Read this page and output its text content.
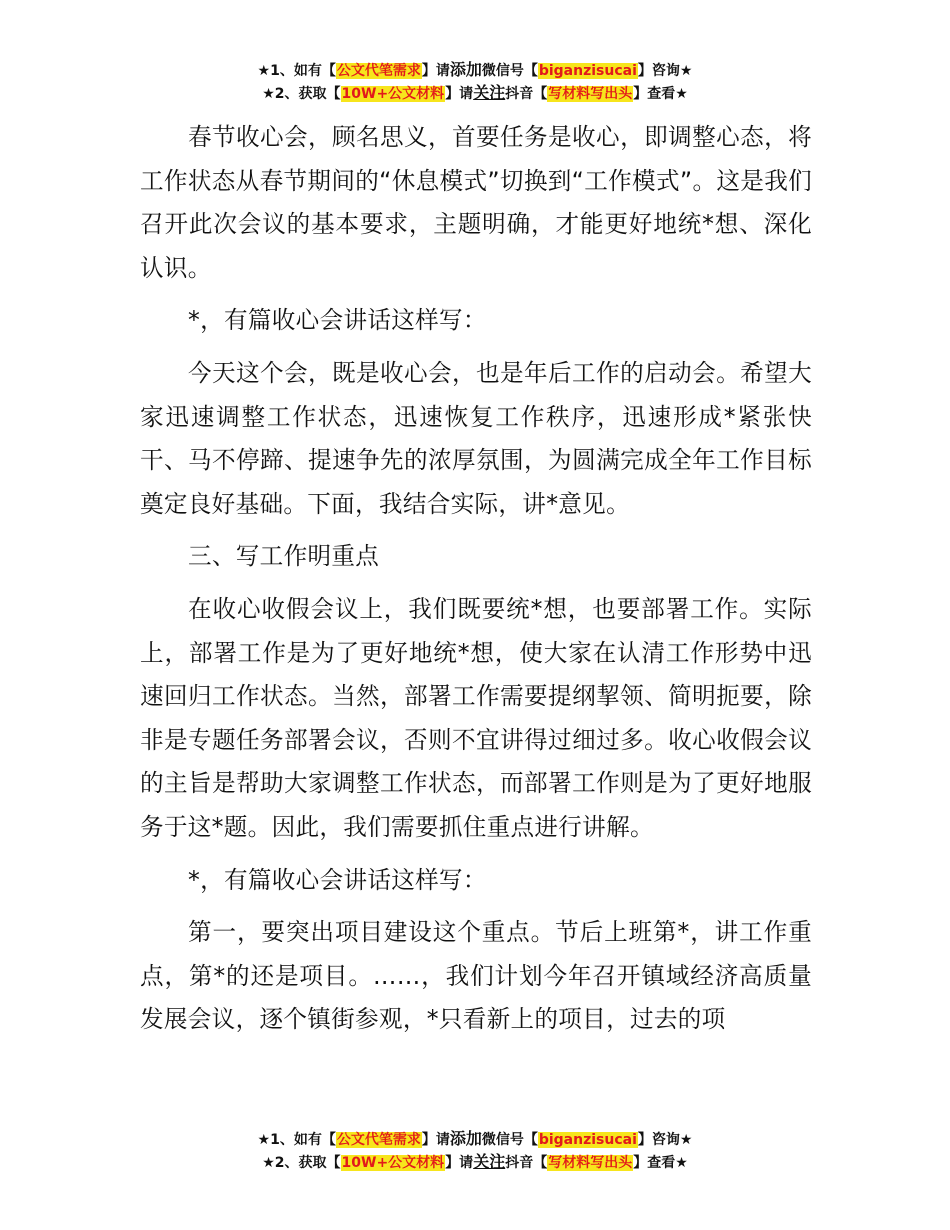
★1、如有【公文代笔需求】请添加微信号【biganzisucai】咨询★
★2、获取【10W+公文材料】请关注抖音【写材料写出头】查看★

春节收心会，顾名思义，首要任务是收心，即调整心态，将工作状态从春节期间的“休息模式”切换到“工作模式”。这是我们召开此次会议的基本要求，主题明确，才能更好地统*想、深化认识。

*，有篇收心会讲话这样写：

今天这个会，既是收心会，也是年后工作的启动会。希望大家迅速调整工作状态，迅速恢复工作秩序，迅速形成*紧张快干、马不停蹄、提速争先的浓厚氛围，为圆满完成全年工作目标奠定良好基础。下面，我结合实际，讲*意见。

三、写工作明重点

在收心收假会议上，我们既要统*想，也要部署工作。实际上，部署工作是为了更好地统*想，使大家在认清工作形势中迅速回归工作状态。当然，部署工作需要提纲挈领、简明扼要，除非是专题任务部署会议，否则不宜讲得过细过多。收心收假会议的主旨是帮助大家调整工作状态，而部署工作则是为了更好地服务于这*题。因此，我们需要抓住重点进行讲解。

*，有篇收心会讲话这样写：

第一，要突出项目建设这个重点。节后上班第*，讲工作重点，第*的还是项目。……，我们计划今年召开镇域经济高质量发展会议，逐个镇街参观，*只看新上的项目，过去的项

★1、如有【公文代笔需求】请添加微信号【biganzisucai】咨询★
★2、获取【10W+公文材料】请关注抖音【写材料写出头】查看★
